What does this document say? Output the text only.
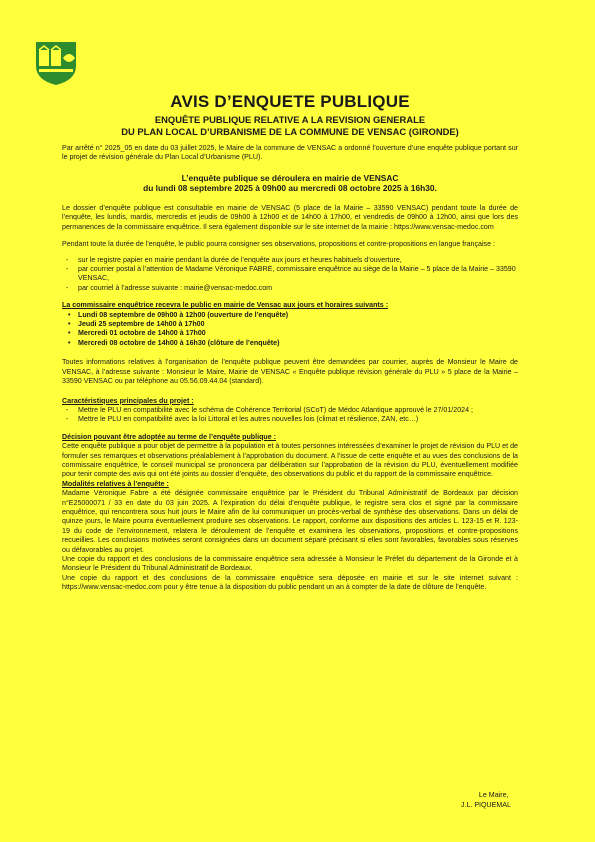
AVIS D’ENQUETE PUBLIQUE
ENQUÊTE PUBLIQUE RELATIVE A LA REVISION GENERALE
DU PLAN LOCAL D’URBANISME DE LA COMMUNE DE VENSAC (GIRONDE)

Par arrêté n° 2025_05 en date du 03 juillet 2025, le Maire de la commune de VENSAC a ordonné l’ouverture d’une enquête publique portant sur le projet de révision générale du Plan Local d’Urbanisme (PLU).

L’enquête publique se déroulera en mairie de VENSAC
du lundi 08 septembre 2025 à 09h00 au mercredi 08 octobre 2025 à 16h30.

Le dossier d’enquête publique est consultable en mairie de VENSAC (5 place de la Mairie – 33590 VENSAC) pendant toute la durée de l’enquête, les lundis, mardis, mercredis et jeudis de 09h00 à 12h00 et de 14h00 à 17h00, et vendredis de 09h00 à 12h00, ainsi que lors des permanences de la commissaire enquêtrice. Il sera également disponible sur le site internet de la mairie : https://www.vensac-medoc.com

Pendant toute la durée de l’enquête, le public pourra consigner ses observations, propositions et contre-propositions en langue française :

- sur le registre papier en mairie pendant la durée de l’enquête aux jours et heures habituels d’ouverture,
- par courrier postal à l’attention de Madame Véronique FABRE, commissaire enquêtrice au siège de la Mairie – 5 place de la Mairie – 33590 VENSAC,
- par courriel à l’adresse suivante : mairie@vensac-medoc.com

La commissaire enquêtrice recevra le public en mairie de Vensac aux jours et horaires suivants :

• Lundi 08 septembre de 09h00 à 12h00 (ouverture de l’enquête)
• Jeudi 25 septembre de 14h00 à 17h00
• Mercredi 01 octobre de 14h00 à 17h00
• Mercredi 08 octobre de 14h00 à 16h30 (clôture de l’enquête)

Toutes informations relatives à l’organisation de l’enquête publique peuvent être demandées par courrier, auprès de Monsieur le Maire de VENSAC, à l’adresse suivante : Monsieur le Maire, Mairie de VENSAC « Enquête publique révision générale du PLU » 5 place de la Mairie – 33590 VENSAC ou par téléphone au 05.56.09.44.04 (standard).

Caractéristiques principales du projet :

- Mettre le PLU en compatibilité avec le schéma de Cohérence Territorial (SCoT) de Médoc Atlantique approuvé le 27/01/2024 ;
- Mettre le PLU en compatibilité avec la loi Littoral et les autres nouvelles lois (climat et résilience, ZAN, etc…)

Décision pouvant être adoptée au terme de l’enquête publique :

Cette enquête publique a pour objet de permettre à la population et à toutes personnes intéressées d’examiner le projet de révision du PLU et de formuler ses remarques et observations préalablement à l’approbation du document. A l’issue de cette enquête et au vues des conclusions de la commissaire enquêtrice, le conseil municipal se prononcera par délibération sur l’approbation de la révision du PLU, éventuellement modifiée pour tenir compte des avis qui ont été joints au dossier d’enquête, des observations du public et du rapport de la commissaire enquêtrice.

Modalités relatives à l’enquête :

Madame Véronique Fabre a été désignée commissaire enquêtrice par le Président du Tribunal Administratif de Bordeaux par décision n°E25000071 / 33 en date du 03 juin 2025. A l’expiration du délai d’enquête publique, le registre sera clos et signé par la commissaire enquêtrice, qui rencontrera sous huit jours le Maire afin de lui communiquer un procès-verbal de synthèse des observations. Dans un délai de quinze jours, le Maire pourra éventuellement produire ses observations. Le rapport, conforme aux dispositions des articles L. 123-15 et R. 123-19 du code de l’environnement, relatera le déroulement de l’enquête et examinera les observations, propositions et contre-propositions recueillies. Les conclusions motivées seront consignées dans un document séparé précisant si elles sont favorables, favorables sous réserves ou défavorables au projet.

Une copie du rapport et des conclusions de la commissaire enquêtrice sera adressée à Monsieur le Préfet du département de la Gironde et à Monsieur le Président du Tribunal Administratif de Bordeaux.

Une copie du rapport et des conclusions de la commissaire enquêtrice sera déposée en mairie et sur le site internet suivant : https://www.vensac-medoc.com pour y être tenue à la disposition du public pendant un an à compter de la date de clôture de l’enquête.

Le Maire,
J.L. PIQUEMAL
